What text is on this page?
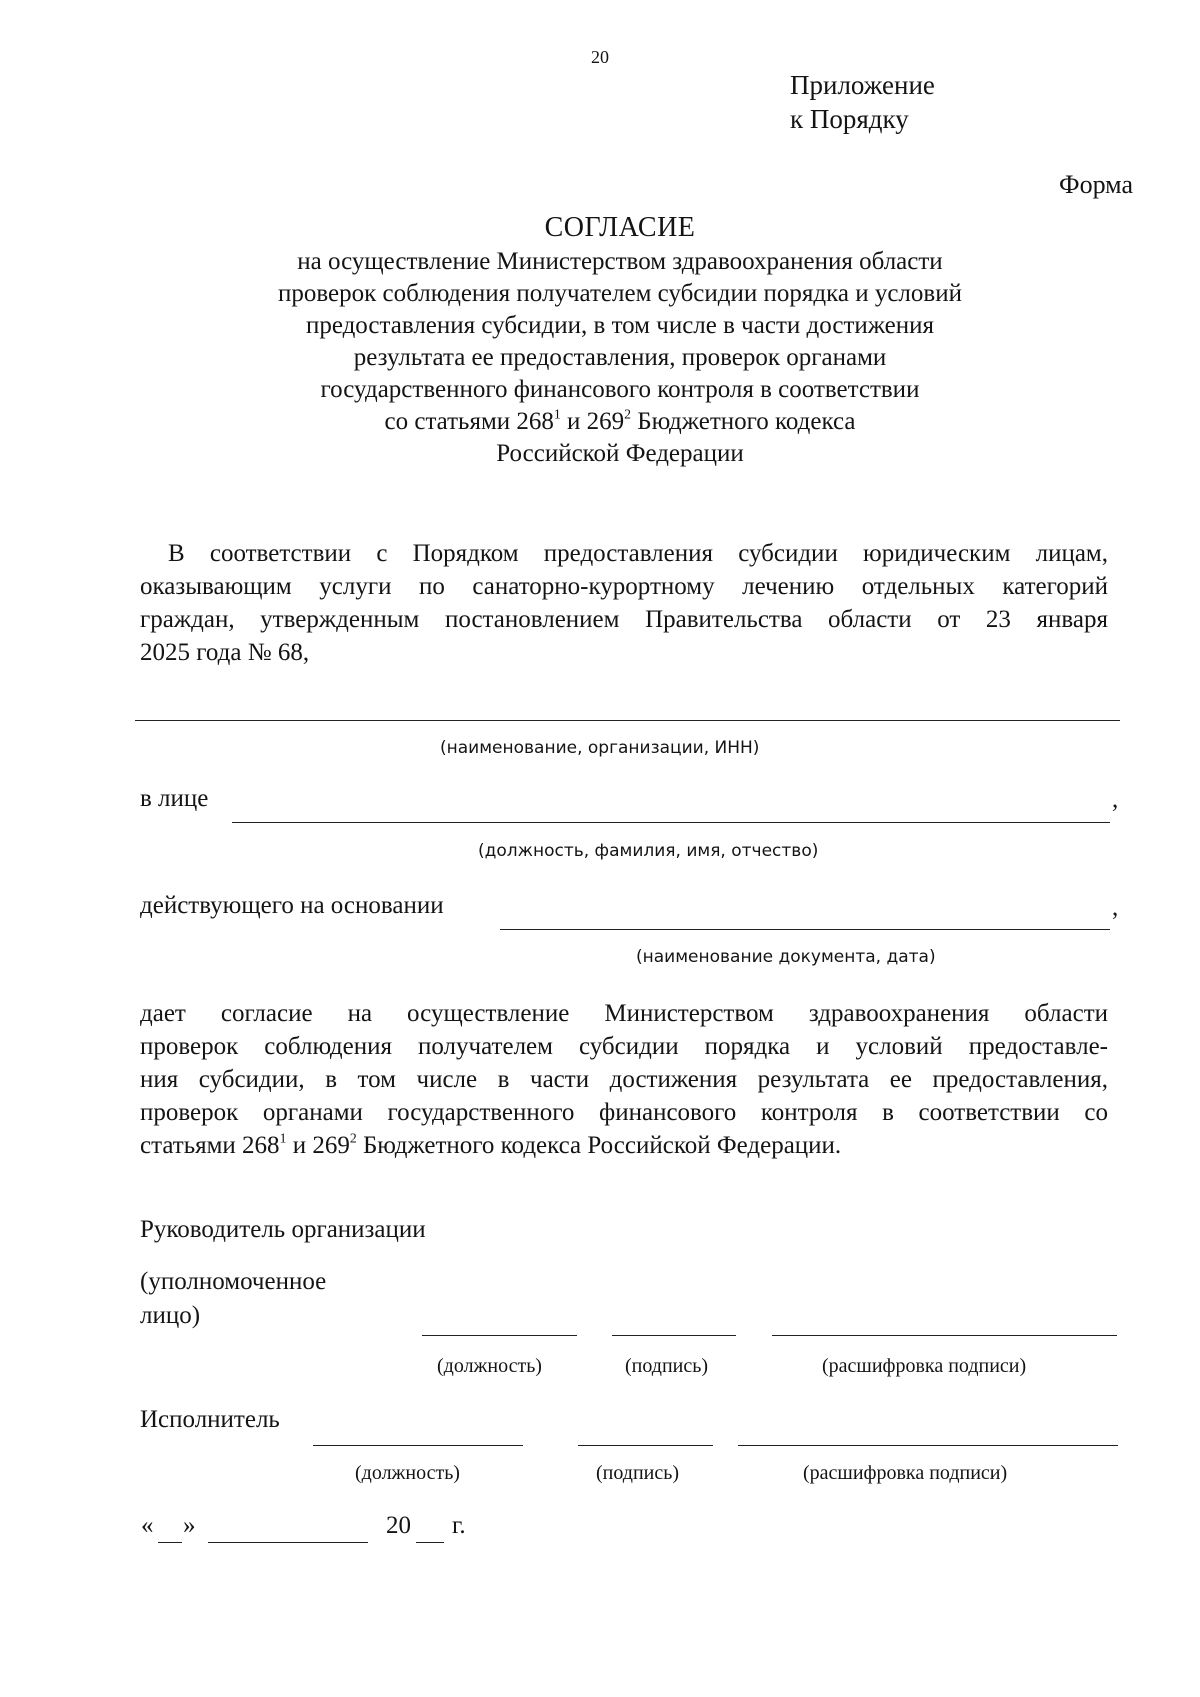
20
Приложение
к Порядку
Форма
СОГЛАСИЕ
на осуществление Министерством здравоохранения области
проверок соблюдения получателем субсидии порядка и условий
предоставления субсидии, в том числе в части достижения
результата ее предоставления, проверок органами
государственного финансового контроля в соответствии
со статьями $268^1$ и $269^2$ Бюджетного кодекса
Российской Федерации
В соответствии с Порядком предоставления субсидии юридическим лицам,
оказывающим услуги по санаторно-курортному лечению отдельных категорий
граждан, утвержденным постановлением Правительства области от 23 января
2025 года № 68,
(наименование, организации, ИНН)
в лице	,
(должность, фамилия, имя, отчество)
действующего на основании	,
(наименование документа, дата)
дает согласие на осуществление Министерством здравоохранения области
проверок соблюдения получателем субсидии порядка и условий предоставле-
ния субсидии, в том числе в части достижения результата ее предоставления,
проверок органами государственного финансового контроля в соответствии со
статьями $268^1$ и $269^2$ Бюджетного кодекса Российской Федерации.
Руководитель организации
(уполномоченное
лицо)
(должность)	(подпись)	(расшифровка подписи)
Исполнитель
(должность)	(подпись)	(расшифровка подписи)
« »	20 г.
